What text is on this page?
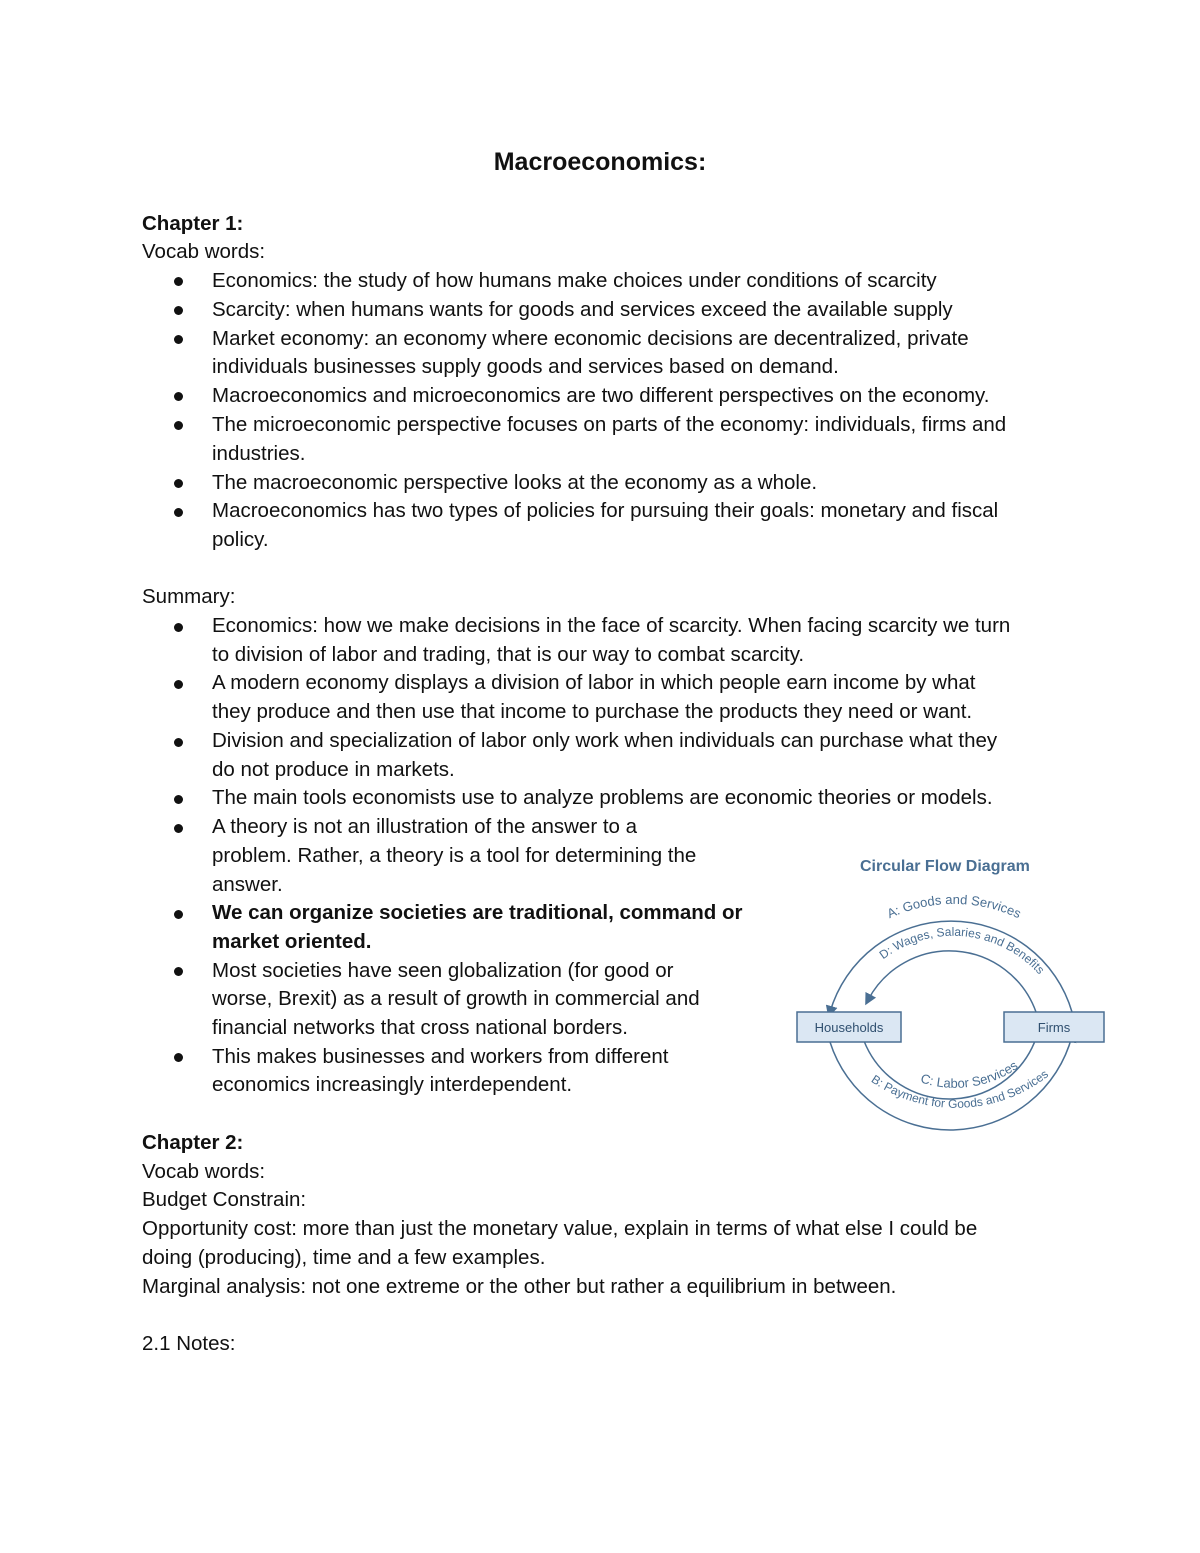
Macroeconomics:
Chapter 1:
Vocab words:
Economics: the study of how humans make choices under conditions of scarcity
Scarcity: when humans wants for goods and services exceed the available supply
Market economy: an economy where economic decisions are decentralized, private
individuals businesses supply goods and services based on demand.
Macroeconomics and microeconomics are two different perspectives on the economy.
The microeconomic perspective focuses on parts of the economy: individuals, firms and
industries.
The macroeconomic perspective looks at the economy as a whole.
Macroeconomics has two types of policies for pursuing their goals: monetary and fiscal
policy.
Summary:
Economics: how we make decisions in the face of scarcity. When facing scarcity we turn
to division of labor and trading, that is our way to combat scarcity.
A modern economy displays a division of labor in which people earn income by what
they produce and then use that income to purchase the products they need or want.
Division and specialization of labor only work when individuals can purchase what they
do not produce in markets.
The main tools economists use to analyze problems are economic theories or models.
A theory is not an illustration of the answer to a
problem. Rather, a theory is a tool for determining the
answer.
We can organize societies are traditional, command or
market oriented.
Most societies have seen globalization (for good or
worse, Brexit) as a result of growth in commercial and
financial networks that cross national borders.
This makes businesses and workers from different
economics increasingly interdependent.
Circular Flow Diagram
Households	Firms
A: Goods and Services
D: Wages, Salaries and Benefits
C: Labor Services
B: Payment for Goods and Services
Chapter 2:
Vocab words:
Budget Constrain:
Opportunity cost: more than just the monetary value, explain in terms of what else I could be
doing (producing), time and a few examples.
Marginal analysis: not one extreme or the other but rather a equilibrium in between.
2.1 Notes:
